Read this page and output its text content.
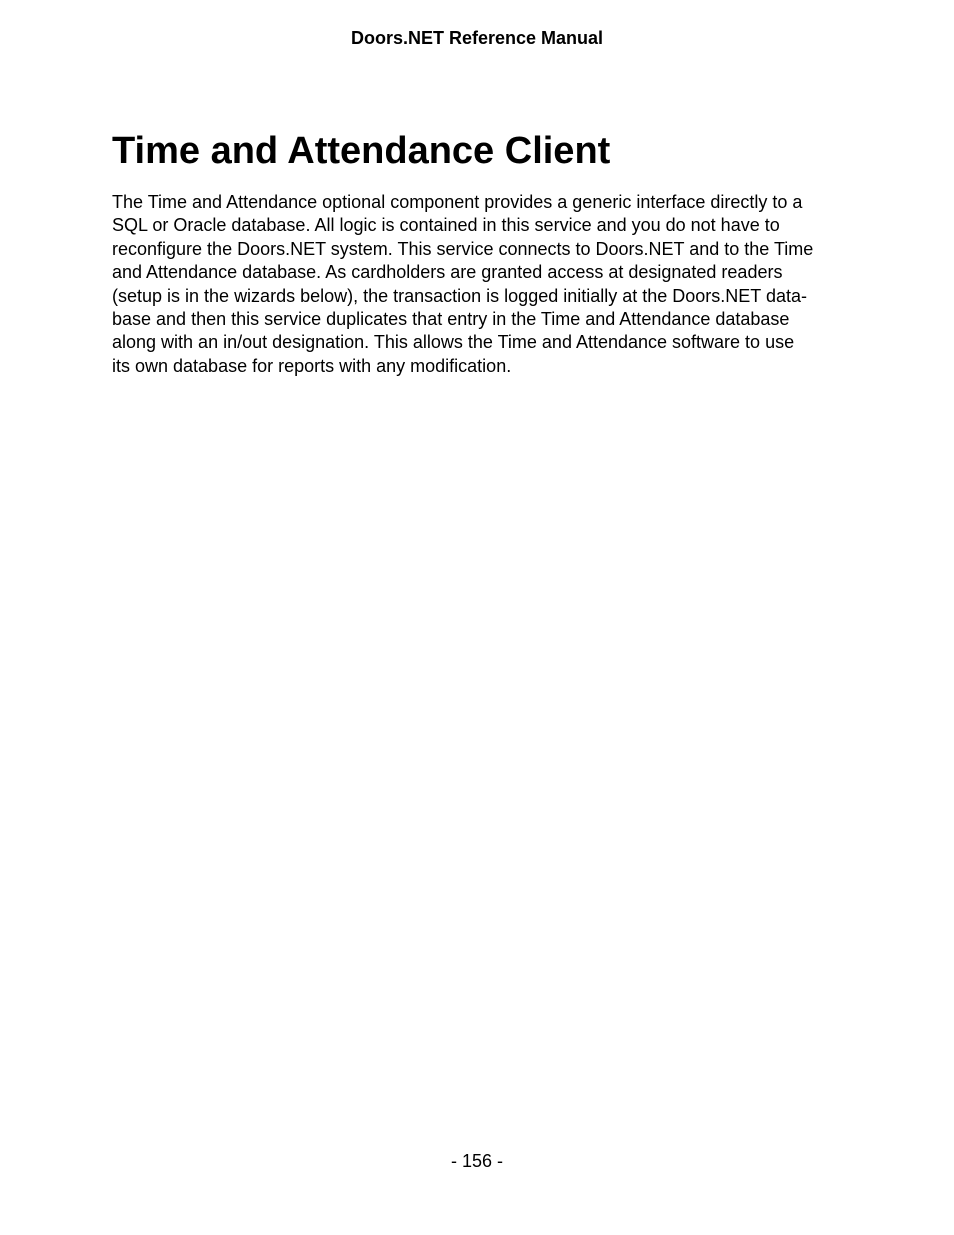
Doors.NET Reference Manual
Time and Attendance Client
The Time and Attendance optional component provides a generic interface directly to a
SQL or Oracle database. All logic is contained in this service and you do not have to
reconfigure the Doors.NET system. This service connects to Doors.NET and to the Time
and Attendance database. As cardholders are granted access at designated readers
(setup is in the wizards below), the transaction is logged initially at the Doors.NET data-
base and then this service duplicates that entry in the Time and Attendance database
along with an in/out designation. This allows the Time and Attendance software to use
its own database for reports with any modification.
- 156 -
